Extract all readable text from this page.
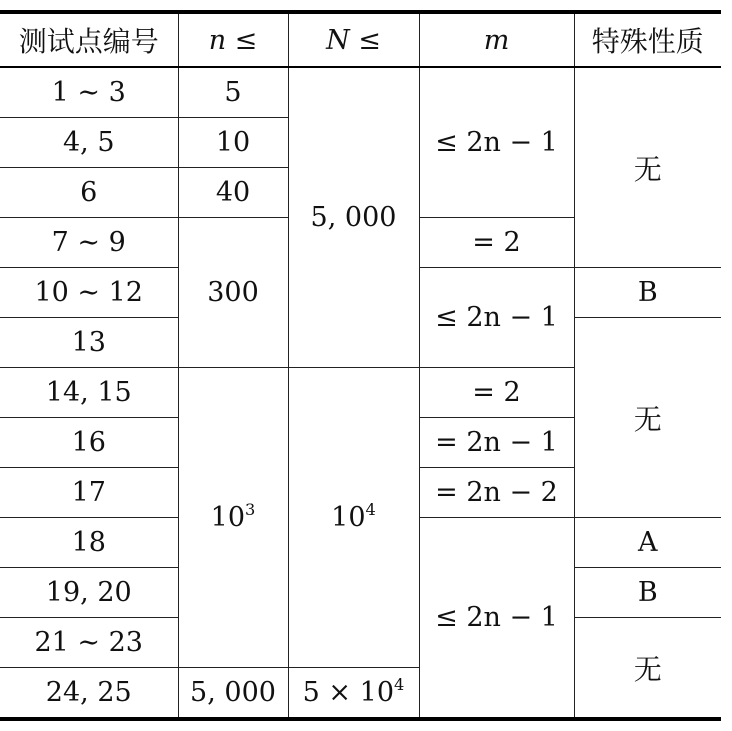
测试点编号	n ≤	N ≤	m	特殊性质
1 ∼ 3	5	5, 000	≤ 2n − 1	无
4, 5	10			
6	40			
7 ∼ 9	300		= 2	
10 ∼ 12			≤ 2n − 1	B
13				无
14, 15	$10^3$	$10^4$	= 2	
16			= 2n − 1	
17			= 2n − 2	
18			≤ 2n − 1	A
19, 20				B
21 ∼ 23				无
24, 25	5, 000	$5 \times 10^4$
